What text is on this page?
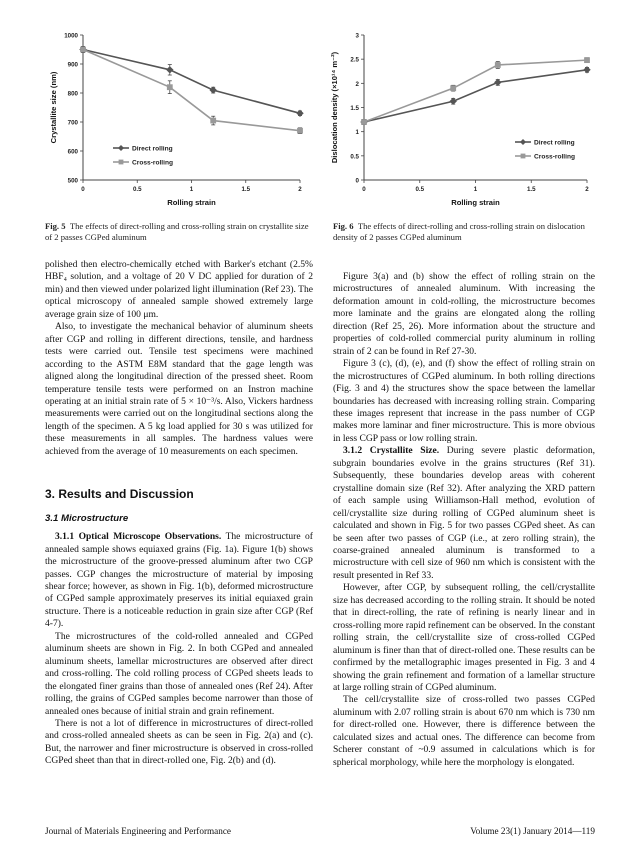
500
600
700
800
900
1000
0	0.5	1	1.5	2
Rolling strain
Crystallite size (nm)
Direct rolling
Cross-rolling
Fig. 5 The effects of direct-rolling and cross-rolling strain on crystallite size of 2 passes CGPed aluminum
0
0.5
1
1.5
2
2.5
3
0	0.5	1	1.5	2
Rolling strain
Dislocation density (×10¹⁴ m⁻²)	Direct rolling
Cross-rolling
Fig. 6 The effects of direct-rolling and cross-rolling strain on dislocation density of 2 passes CGPed aluminum

polished then electro-chemically etched with Barker's etchant (2.5% HBF₄ solution, and a voltage of 20 V DC applied for duration of 2 min) and then viewed under polarized light illumination (Ref 23). The optical microscopy of annealed sample showed extremely large average grain size of 100 μm.

Also, to investigate the mechanical behavior of aluminum sheets after CGP and rolling in different directions, tensile, and hardness tests were carried out. Tensile test specimens were machined according to the ASTM E8M standard that the gage length was aligned along the longitudinal direction of the pressed sheet. Room temperature tensile tests were performed on an Instron machine operating at an initial strain rate of 5 × 10⁻³/s. Also, Vickers hardness measurements were carried out on the longitudinal sections along the length of the specimen. A 5 kg load applied for 30 s was utilized for these measurements in all samples. The hardness values were achieved from the average of 10 measurements on each specimen.

3. Results and Discussion
3.1 Microstructure

3.1.1 Optical Microscope Observations. The microstructure of annealed sample shows equiaxed grains (Fig. 1a). Figure 1(b) shows the microstructure of the groove-pressed aluminum after two CGP passes. CGP changes the microstructure of material by imposing shear force; however, as shown in Fig. 1(b), deformed microstructure of CGPed sample approximately preserves its initial equiaxed grain structure. There is a noticeable reduction in grain size after CGP (Ref 4-7).

The microstructures of the cold-rolled annealed and CGPed aluminum sheets are shown in Fig. 2. In both CGPed and annealed aluminum sheets, lamellar microstructures are observed after direct and cross-rolling. The cold rolling process of CGPed sheets leads to the elongated finer grains than those of annealed ones (Ref 24). After rolling, the grains of CGPed samples become narrower than those of annealed ones because of initial strain and grain refinement.

There is not a lot of difference in microstructures of direct-rolled and cross-rolled annealed sheets as can be seen in Fig. 2(a) and (c). But, the narrower and finer microstructure is observed in cross-rolled CGPed sheet than that in direct-rolled one, Fig. 2(b) and (d).

Figure 3(a) and (b) show the effect of rolling strain on the microstructures of annealed aluminum. With increasing the deformation amount in cold-rolling, the microstructure becomes more laminate and the grains are elongated along the rolling direction (Ref 25, 26). More information about the structure and properties of cold-rolled commercial purity aluminum in rolling strain of 2 can be found in Ref 27-30.

Figure 3 (c), (d), (e), and (f) show the effect of rolling strain on the microstructures of CGPed aluminum. In both rolling directions (Fig. 3 and 4) the structures show the space between the lamellar boundaries has decreased with increasing rolling strain. Comparing these images represent that increase in the pass number of CGP makes more laminar and finer microstructure. This is more obvious in less CGP pass or low rolling strain.

3.1.2 Crystallite Size. During severe plastic deformation, subgrain boundaries evolve in the grains structures (Ref 31). Subsequently, these boundaries develop areas with coherent crystalline domain size (Ref 32). After analyzing the XRD pattern of each sample using Williamson-Hall method, evolution of cell/crystallite size during rolling of CGPed aluminum sheet is calculated and shown in Fig. 5 for two passes CGPed sheet. As can be seen after two passes of CGP (i.e., at zero rolling strain), the coarse-grained annealed aluminum is transformed to a microstructure with cell size of 960 nm which is consistent with the result presented in Ref 33.

However, after CGP, by subsequent rolling, the cell/crystallite size has decreased according to the rolling strain. It should be noted that in direct-rolling, the rate of refining is nearly linear and in cross-rolling more rapid refinement can be observed. In the constant rolling strain, the cell/crystallite size of cross-rolled CGPed aluminum is finer than that of direct-rolled one. These results can be confirmed by the metallographic images presented in Fig. 3 and 4 showing the grain refinement and formation of a lamellar structure at large rolling strain of CGPed aluminum.

The cell/crystallite size of cross-rolled two passes CGPed aluminum with 2.07 rolling strain is about 670 nm which is 730 nm for direct-rolled one. However, there is difference between the calculated sizes and actual ones. The difference can become from Scherer constant of ~0.9 assumed in calculations which is for spherical morphology, while here the morphology is elongated.

Journal of Materials Engineering and Performance	Volume 23(1) January 2014—119
